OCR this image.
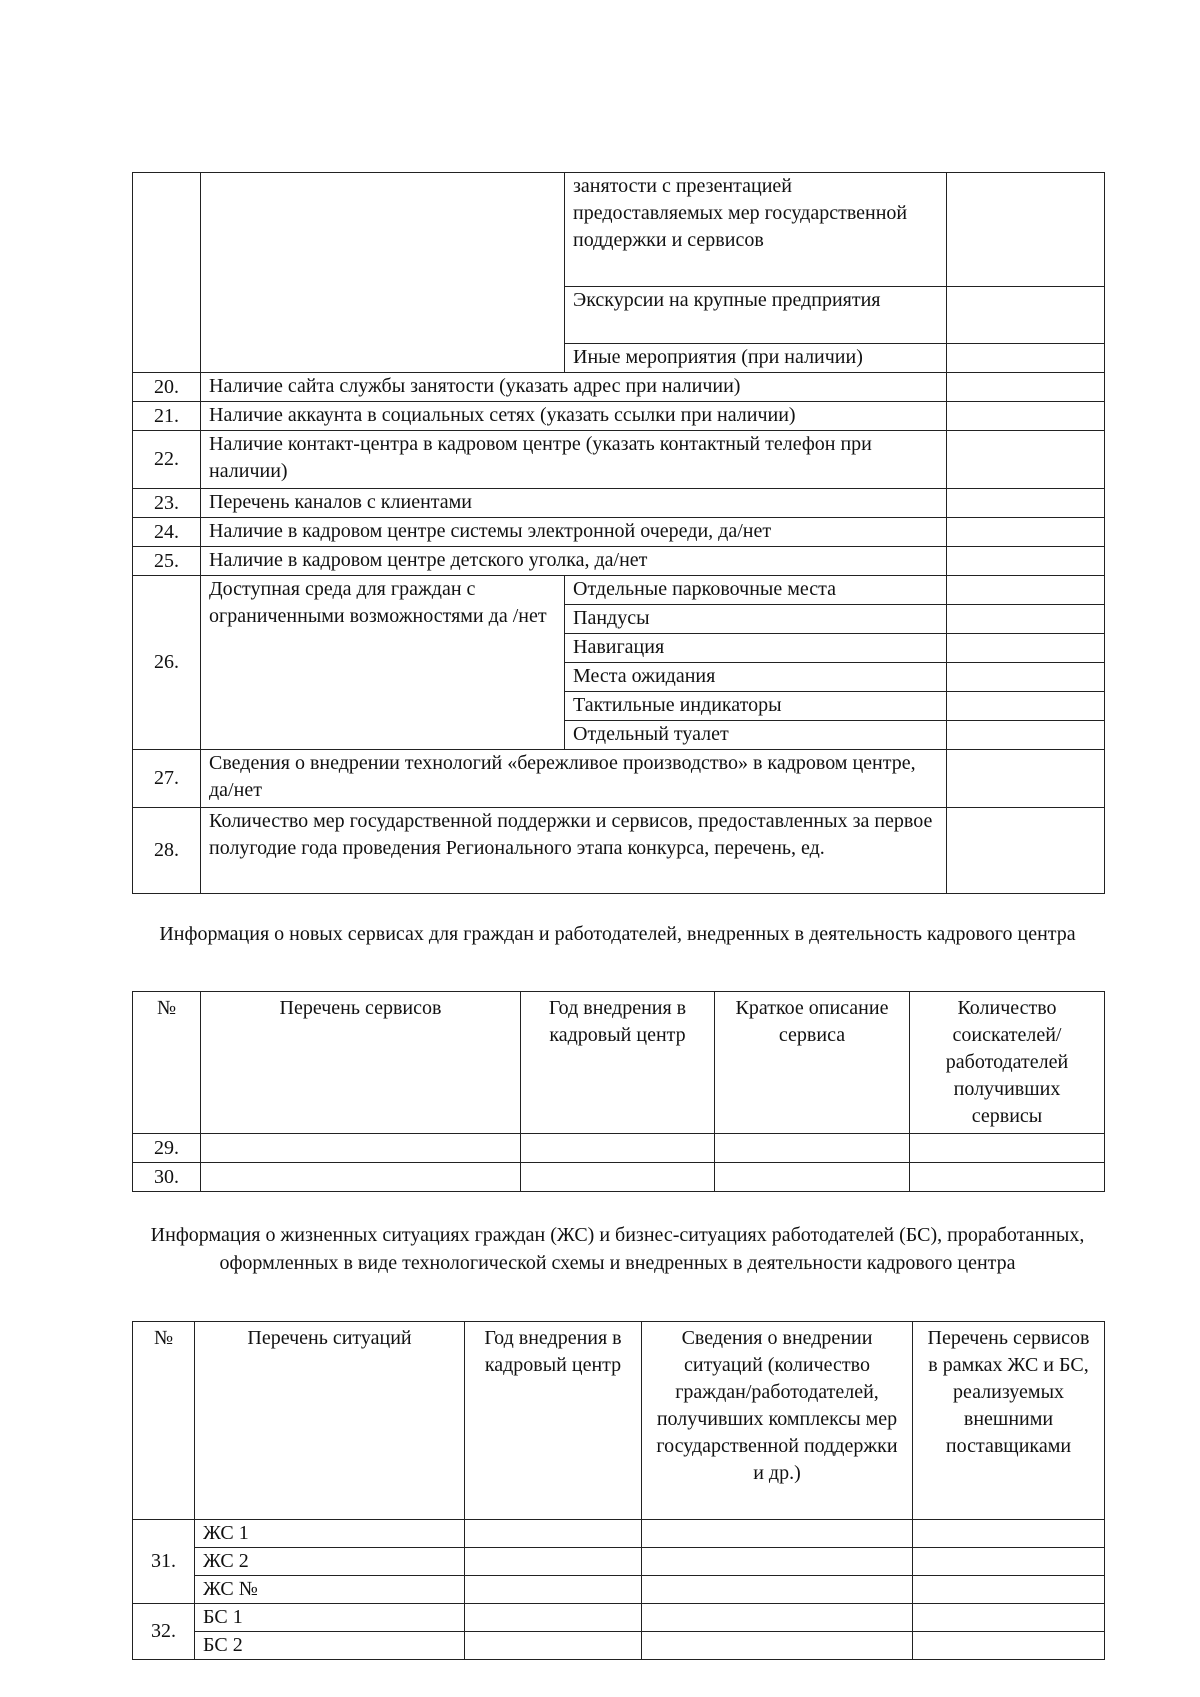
		занятости с презентацией предоставляемых мер государственной поддержки и сервисов	
		Экскурсии на крупные предприятия	
		Иные мероприятия (при наличии)	
20.	Наличие сайта службы занятости (указать адрес при наличии)		
21.	Наличие аккаунта в социальных сетях (указать ссылки при наличии)		
22.	Наличие контакт-центра в кадровом центре (указать контактный телефон при наличии)		
23.	Перечень каналов с клиентами		
24.	Наличие в кадровом центре системы электронной очереди, да/нет		
25.	Наличие в кадровом центре детского уголка, да/нет		
26.	Доступная среда для граждан с ограниченными возможностями да /нет	Отдельные парковочные места	
		Пандусы	
		Навигация	
		Места ожидания	
		Тактильные индикаторы	
		Отдельный туалет	
27.	Сведения о внедрении технологий «бережливое производство» в кадровом центре, да/нет		
28.	Количество мер государственной поддержки и сервисов, предоставленных за первое полугодие года проведения Регионального этапа конкурса, перечень, ед.		
Информация о новых сервисах для граждан и работодателей, внедренных в деятельность кадрового центра
№	Перечень сервисов	Год внедрения в кадровый центр	Краткое описание сервиса	Количество соискателей/ работодателей получивших сервисы
29.				
30.				
Информация о жизненных ситуациях граждан (ЖС) и бизнес-ситуациях работодателей (БС), проработанных, оформленных в виде технологической схемы и внедренных в деятельности кадрового центра
№	Перечень ситуаций	Год внедрения в кадровый центр	Сведения о внедрении ситуаций (количество граждан/работодателей, получивших комплексы мер государственной поддержки и др.)	Перечень сервисов в рамках ЖС и БС, реализуемых внешними поставщиками
31.	ЖС 1			
	ЖС 2			
	ЖС №			
32.	БС 1			
	БС 2			
